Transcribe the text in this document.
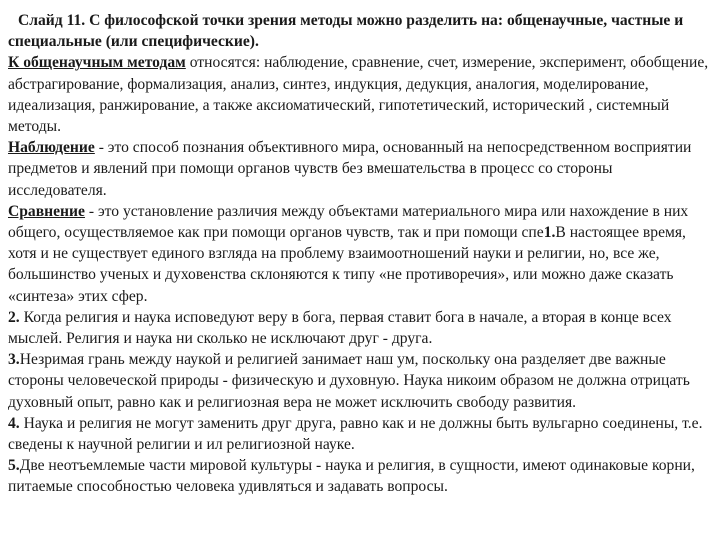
Слайд 11. С философской точки зрения методы можно разделить на: общенаучные, частные и специальные (или специфические).

К общенаучным методам относятся: наблюдение, сравнение, счет, измерение, эксперимент, обобщение, абстрагирование, формализация, анализ, синтез, индукция, дедукция, аналогия, моделирование, идеализация, ранжирование, а также аксиоматический, гипотетический, исторический , системный методы.

Наблюдение - это способ познания объективного мира, основанный на непосредственном восприятии предметов и явлений при помощи органов чувств без вмешательства в процесс со стороны исследователя.

Сравнение - это установление различия между объектами материального мира или нахождение в них общего, осуществляемое как при помощи органов чувств, так и при помощи спе1.В настоящее время, хотя и не существует единого взгляда на проблему взаимоотношений науки и религии, но, все же, большинство ученых и духовенства склоняются к типу «не противоречия», или можно даже сказать «синтеза» этих сфер.

2. Когда религия и наука исповедуют веру в бога, первая ставит бога в начале, а вторая в конце всех мыслей. Религия и наука ни сколько не исключают друг - друга.

3.Незримая грань между наукой и религией занимает наш ум, поскольку она разделяет две важные стороны человеческой природы - физическую и духовную. Наука никоим образом не должна отрицать духовный опыт, равно как и религиозная вера не может исключить свободу развития.

4. Наука и религия не могут заменить друг друга, равно как и не должны быть вульгарно соединены, т.е. сведены к научной религии и ил религиозной науке.

5.Две неотъемлемые части мировой культуры - наука и религия, в сущности, имеют одинаковые корни, питаемые способностью человека удивляться и задавать вопросы.
